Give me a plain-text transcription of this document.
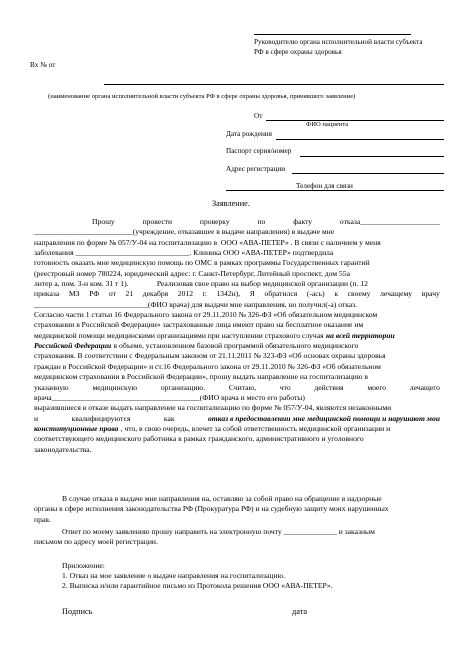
Руководителю органа исполнительной власти субъекта
РФ в сфере охраны здоровья
Вх № от
(наименование органа исполнительной власти субъекта РФ в сфере охраны здоровья, принявшего заявление)
От
ФИО пациента
Дата рождения
Паспорт серия/номер
Адрес регистрации
Телефон для связи
Заявление.
Прошу	провести	проверку	по	факту	отказа_____________________
__________________________(учреждение, отказавшее в выдаче направления) в выдаче мне
направления по форме № 057/У-04 на госпитализацию в  ООО «АВА-ПЕТЕР» . В связи с наличием у меня
заболевания ______________________________. Клиника ООО «АВА-ПЕТЕР» подтвердила
готовность оказать мне медицинскую помощь по ОМС в рамках программы Государственных гарантий
(реестровый номер 780224, юридический адрес: г. Санкт-Петербург, Литейный проспект, дом 55а
литер а, пом. 3-н ком. 31 т 1).	Реализовав свое право на выбор медицинской организации (п. 12
приказа МЗ РФ от 21 декабря 2012 г. 1342н), Я обратился (-ась) к своему лечащему врачу
______________________________(ФИО врача) для выдачи мне направления, но получил(-а) отказ.
Согласно части 1 статьи 16 Федерального закона от 29.11.2010 № 326-ФЗ «Об обязательном медицинском
страховании в Российской Федерации» застрахованные лица имеют право на бесплатное оказание им
медицинской помощи медицинскими организациями при наступлении страхового случая на всей территории
Российской Федерации в объеме, установленном базовой программой обязательного медицинского
страхования. В соответствии с Федеральным законом от 21.11.2011 № 323-ФЗ «Об основах охраны здоровья
граждан в Российской Федерации» и ст.16 Федерального закона от 29.11.2010 № 326-ФЗ «Об обязательном
медицинском страховании в Российской Федерации», прошу выдать направление на госпитализацию в
указанную	медицинскую	организацию.	Считаю,	что	действия	моего	лечащего
врача_______________________________________(ФИО врача и место его работы)
выразившиеся в отказе выдать направление на госпитализацию по форме № 057/У-04, являются незаконными
и	квалифицируются	как	отказ в предоставлении мне медицинской помощи и нарушают мои
конституционные права , что, в свою очередь, влечет за собой ответственность медицинской организации и
соответствующего медицинского работника в рамках гражданского, административного и уголовного
законодательства.
В случае отказа в выдаче мне направления на, оставляю за собой право на обращение в надзорные
органы в сфере исполнения законодательства РФ (Прокуратура РФ) и на судебную защиту моих нарушенных
прав.
Ответ по моему заявлению прошу направить на электронную почту ______________ и заказным
письмом по адресу моей регистрации.
Приложение:
1. Отказ на мое заявление о выдаче направления на госпитализацию.
2. Выписка и/или гарантийное письмо из Протокола решения ООО «АВА-ПЕТЕР».
Подпись	дата
